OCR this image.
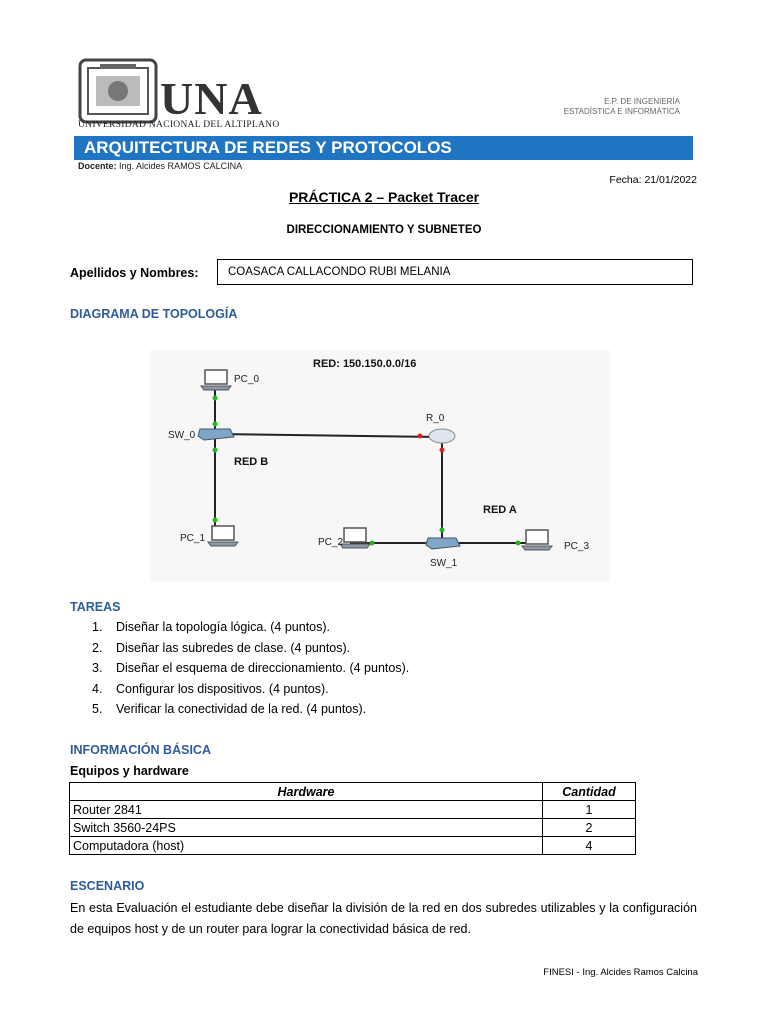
UNA
UNIVERSIDAD NACIONAL DEL ALTIPLANO
E.P. DE INGENIERÍA
ESTADÍSTICA E INFORMÁTICA
ARQUITECTURA DE REDES Y PROTOCOLOS
Docente: Ing. Alcides RAMOS CALCINA
Fecha: 21/01/2022
PRÁCTICA 2 – Packet Tracer
DIRECCIONAMIENTO Y SUBNETEO
Apellidos y Nombres:	COASACA CALLACONDO RUBI MELANIA
DIAGRAMA DE TOPOLOGÍA
RED: 150.150.0.0/16
PC_0
SW_0
R_0
RED B
RED A
PC_1	PC_2
SW_1
PC_3
TAREAS
1.	Diseñar la topología lógica. (4 puntos).
2.	Diseñar las subredes de clase. (4 puntos).
3.	Diseñar el esquema de direccionamiento. (4 puntos).
4.	Configurar los dispositivos. (4 puntos).
5.	Verificar la conectividad de la red. (4 puntos).
INFORMACIÓN BÁSICA
Equipos y hardware
Hardware	Cantidad
Router 2841	1
Switch 3560-24PS	2
Computadora (host)	4
ESCENARIO
En esta Evaluación el estudiante debe diseñar la división de la red en dos subredes utilizables y la configuración de equipos host y de un router para lograr la conectividad básica de red.
FINESI - Ing. Alcides Ramos Calcina
